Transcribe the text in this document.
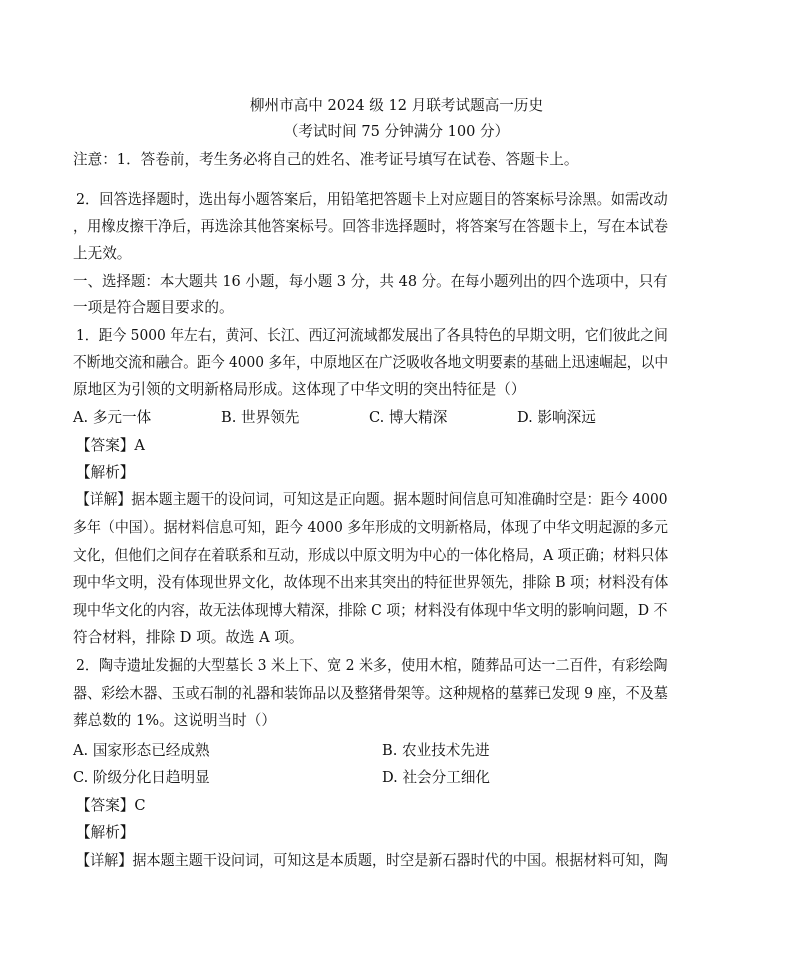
柳州市高中 2024 级 12 月联考试题高一历史
（考试时间 75 分钟满分 100 分）
注意：1．答卷前，考生务必将自己的姓名、准考证号填写在试卷、答题卡上。
2．回答选择题时，选出每小题答案后，用铅笔把答题卡上对应题目的答案标号涂黑。如需改动
，用橡皮擦干净后，再选涂其他答案标号。回答非选择题时，将答案写在答题卡上，写在本试卷
上无效。
一、选择题：本大题共 16 小题，每小题 3 分，共 48 分。在每小题列出的四个选项中，只有
一项是符合题目要求的。
1．距今 5000 年左右，黄河、长江、西辽河流域都发展出了各具特色的早期文明，它们彼此之间
不断地交流和融合。距今 4000 多年，中原地区在广泛吸收各地文明要素的基础上迅速崛起，以中
原地区为引领的文明新格局形成。这体现了中华文明的突出特征是（）
A. 多元一体	B. 世界领先	C. 博大精深	D. 影响深远
【答案】A
【解析】
【详解】据本题主题干的设问词，可知这是正向题。据本题时间信息可知准确时空是：距今 4000
多年（中国）。据材料信息可知，距今 4000 多年形成的文明新格局，体现了中华文明起源的多元
文化，但他们之间存在着联系和互动，形成以中原文明为中心的一体化格局，A 项正确；材料只体
现中华文明，没有体现世界文化，故体现不出来其突出的特征世界领先，排除 B 项；材料没有体
现中华文化的内容，故无法体现博大精深，排除 C 项；材料没有体现中华文明的影响问题，D 不
符合材料，排除 D 项。故选 A 项。
2．陶寺遗址发掘的大型墓长 3 米上下、宽 2 米多，使用木棺，随葬品可达一二百件，有彩绘陶
器、彩绘木器、玉或石制的礼器和装饰品以及整猪骨架等。这种规格的墓葬已发现 9 座，不及墓
葬总数的 1%。这说明当时（）
A. 国家形态已经成熟	B. 农业技术先进
C. 阶级分化日趋明显	D. 社会分工细化
【答案】C
【解析】
【详解】据本题主题干设问词，可知这是本质题，时空是新石器时代的中国。根据材料可知，陶
